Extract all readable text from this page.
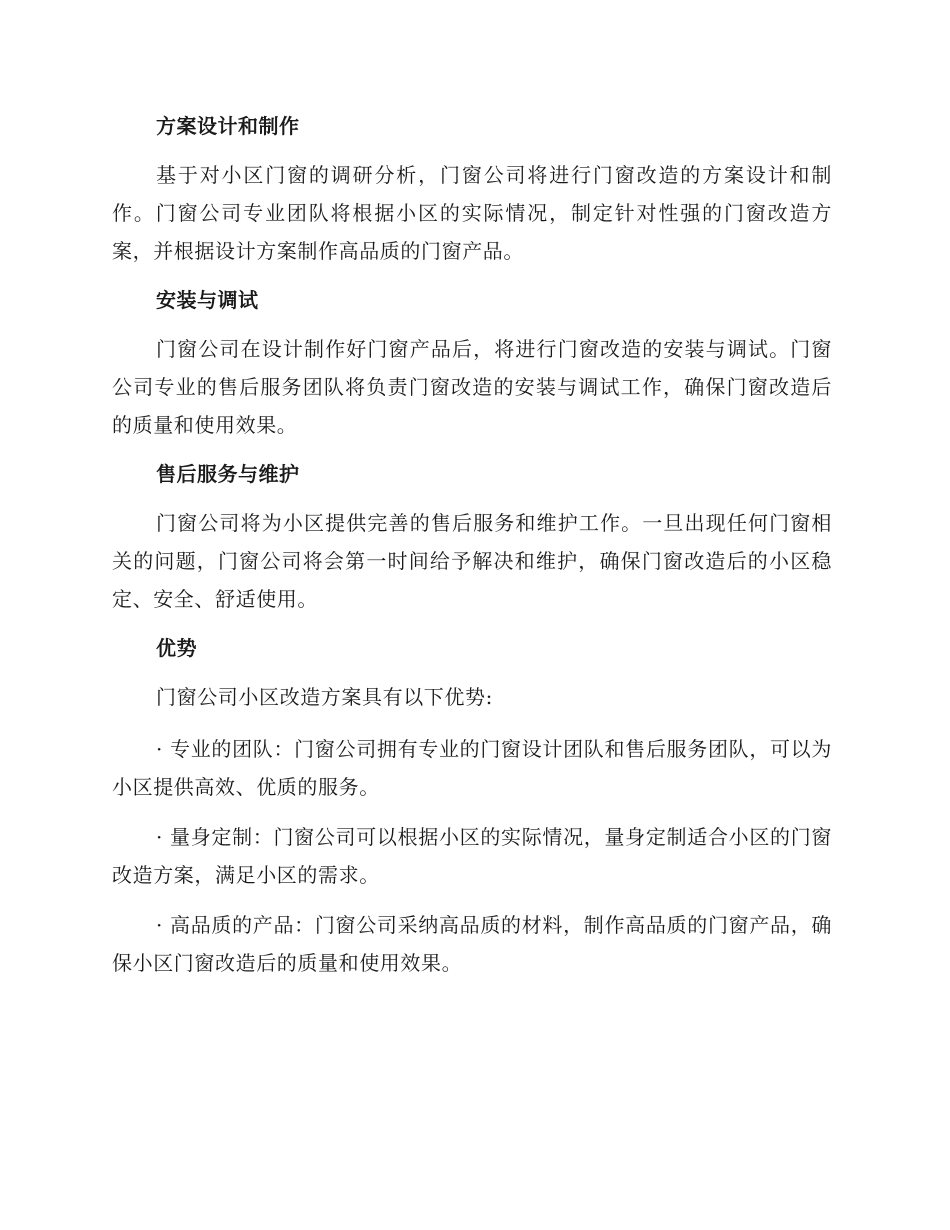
方案设计和制作
基于对小区门窗的调研分析，门窗公司将进行门窗改造的方案设计和制作。门窗公司专业团队将根据小区的实际情况，制定针对性强的门窗改造方案，并根据设计方案制作高品质的门窗产品。
安装与调试
门窗公司在设计制作好门窗产品后，将进行门窗改造的安装与调试。门窗公司专业的售后服务团队将负责门窗改造的安装与调试工作，确保门窗改造后的质量和使用效果。
售后服务与维护
门窗公司将为小区提供完善的售后服务和维护工作。一旦出现任何门窗相关的问题，门窗公司将会第一时间给予解决和维护，确保门窗改造后的小区稳定、安全、舒适使用。
优势
门窗公司小区改造方案具有以下优势:
· 专业的团队：门窗公司拥有专业的门窗设计团队和售后服务团队，可以为小区提供高效、优质的服务。
· 量身定制：门窗公司可以根据小区的实际情况，量身定制适合小区的门窗改造方案，满足小区的需求。
· 高品质的产品：门窗公司采纳高品质的材料，制作高品质的门窗产品，确保小区门窗改造后的质量和使用效果。
